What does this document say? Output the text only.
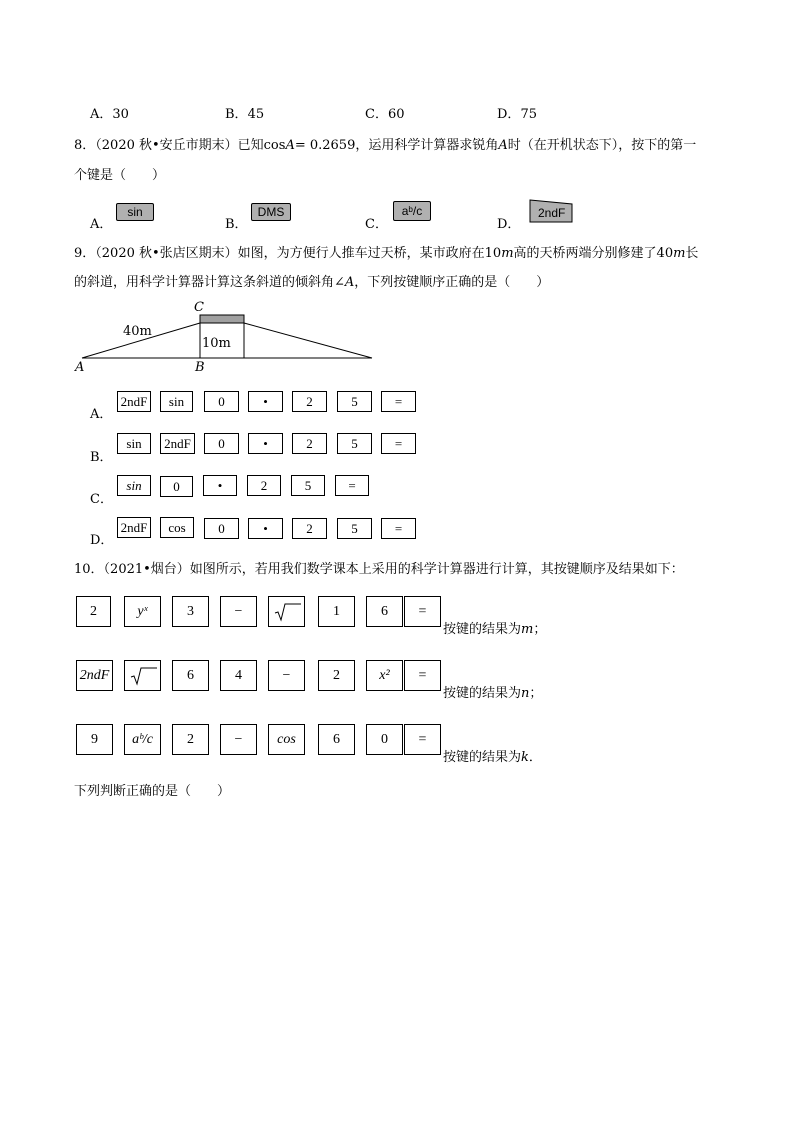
A．30	B．45	C．60	D．75
8．（2020 秋•安丘市期末）已知cosA= 0.2659，运用科学计算器求锐角A时（在开机状态下），按下的第一
个键是（　　）
A．
sin
B．
DMS
C．
aᵇ/c
D．
2ndF
9．（2020 秋•张店区期末）如图，为方便行人推车过天桥，某市政府在10m高的天桥两端分别修建了40m长
的斜道，用科学计算器计算这条斜道的倾斜角∠A，下列按键顺序正确的是（　　）
C
A	B
40m
10m
A．
2ndF	sin	0	•	2	5	=
B．
sin	2ndF	0	•	2	5	=
C．
sin	0	•	2	5	=
D．
2ndF	cos	0	•	2	5	=
10．（2021•烟台）如图所示，若用我们数学课本上采用的科学计算器进行计算，其按键顺序及结果如下：
2	yˣ	3	−	1	6	=
按键的结果为m；
2ndF	6	4	−	2	x²	=
按键的结果为n；
9	aᵇ/c	2	−	cos	6	0	=
按键的结果为k．
下列判断正确的是（　　）
